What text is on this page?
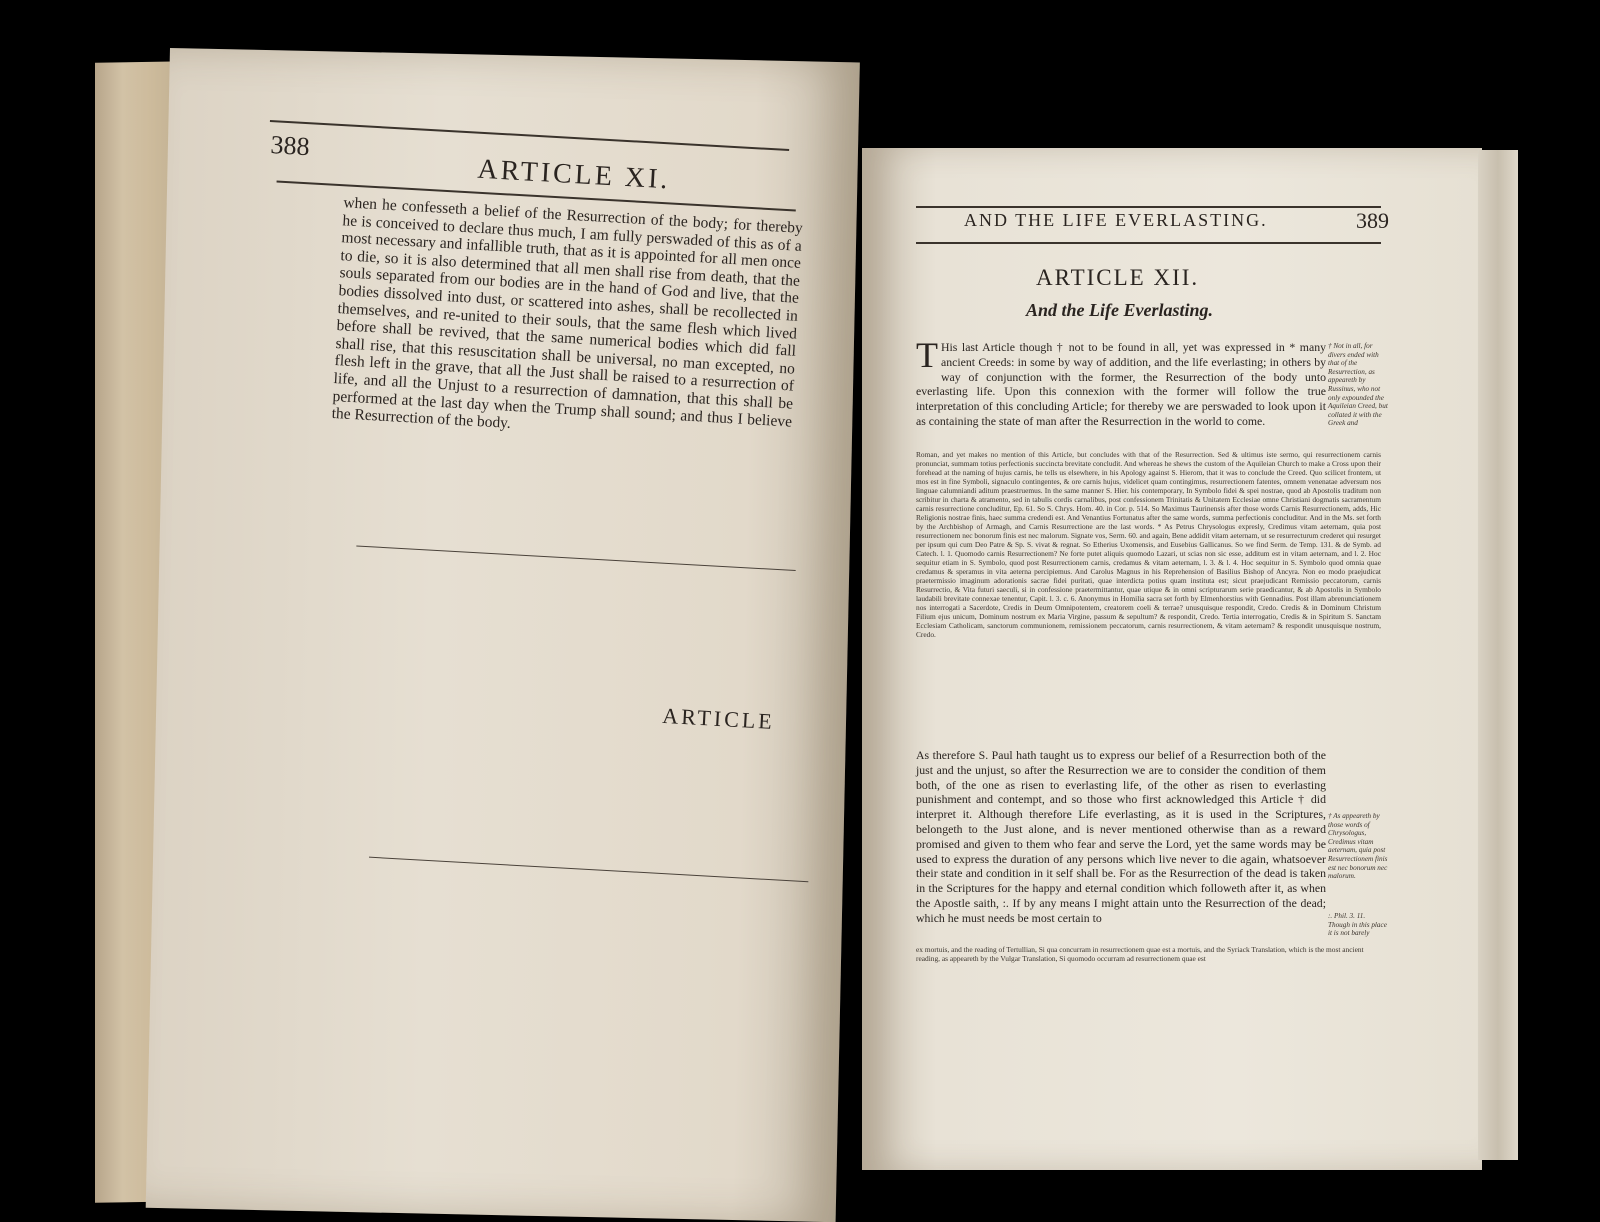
388
ARTICLE XI.
when he confesseth a belief of the Resurrection of the body; for thereby he is conceived to declare thus much, I am fully perswaded of this as of a most necessary and infallible truth, that as it is appointed for all men once to die, so it is also determined that all men shall rise from death, that the souls separated from our bodies are in the hand of God and live, that the bodies dissolved into dust, or scattered into ashes, shall be recollected in themselves, and re-united to their souls, that the same flesh which lived before shall be revived, that the same numerical bodies which did fall shall rise, that this resuscitation shall be universal, no man excepted, no flesh left in the grave, that all the Just shall be raised to a resurrection of life, and all the Unjust to a resurrection of damnation, that this shall be performed at the last day when the Trump shall sound; and thus I believe the Resurrection of the body.
ARTICLE
AND THE LIFE EVERLASTING.	389
ARTICLE XII.
And the Life Everlasting.
T His last Article though † not to be found in all, yet was expressed in * many ancient Creeds: in some by way of addition, and the life everlasting; in others by way of conjunction with the former, the Resurrection of the body unto everlasting life. Upon this connexion with the former will follow the true interpretation of this concluding Article; for thereby we are perswaded to look upon it as containing the state of man after the Resurrection in the world to come.
† Not in all, for divers ended with that of the Resurrection, as appeareth by Russinus, who not only expounded the Aquileian Creed, but collated it with the Greek and
Roman, and yet makes no mention of this Article, but concludes with that of the Resurrection. Sed & ultimus iste sermo, qui resurrectionem carnis pronunciat, summam totius perfectionis succincta brevitate concludit. And whereas he shews the custom of the Aquileian Church to make a Cross upon their forehead at the naming of hujus carnis, he tells us elsewhere, in his Apology against S. Hierom, that it was to conclude the Creed. Quo scilicet frontem, ut mos est in fine Symboli, signaculo contingentes, & ore carnis hujus, videlicet quam contingimus, resurrectionem fatentes, omnem venenatae adversum nos linguae calumniandi aditum praestruemus. In the same manner S. Hier. his contemporary, In Symbolo fidei & spei nostrae, quod ab Apostolis traditum non scribitur in charta & atramento, sed in tabulis cordis carnalibus, post confessionem Trinitatis & Unitatem Ecclesiae omne Christiani dogmatis sacramentum carnis resurrectione concluditur, Ep. 61. So S. Chrys. Hom. 40. in Cor. p. 514. So Maximus Taurinensis after those words Carnis Resurrectionem, adds, Hic Religionis nostrae finis, haec summa credendi est. And Venantius Fortunatus after the same words, summa perfectionis concluditur. And in the Ms. set forth by the Archbishop of Armagh, and Carnis Resurrectione are the last words. * As Petrus Chrysologus expresly, Credimus vitam aeternam, quia post resurrectionem nec bonorum finis est nec malorum. Signate vos, Serm. 60. and again, Bene addidit vitam aeternam, ut se resurrecturum crederet qui resurget per ipsum qui cum Deo Patre & Sp. S. vivat & regnat. So Etherius Uxomensis, and Eusebius Gallicanus. So we find Serm. de Temp. 131. & de Symb. ad Catech. l. 1. Quomodo carnis Resurrectionem? Ne forte putet aliquis quomodo Lazari, ut scias non sic esse, additum est in vitam aeternam, and l. 2. Hoc sequitur etiam in S. Symbolo, quod post Resurrectionem carnis, credamus & vitam aeternam, l. 3. & l. 4. Hoc sequitur in S. Symbolo quod omnia quae credamus & speramus in vita aeterna percipiemus. And Carolus Magnus in his Reprehension of Basilius Bishop of Ancyra. Non eo modo praejudicat praetermissio imaginum adorationis sacrae fidei puritati, quae interdicta potius quam instituta est; sicut praejudicant Remissio peccatorum, carnis Resurrectio, & Vita futuri saeculi, si in confessione praetermittantur, quae utique & in omni scripturarum serie praedicantur, & ab Apostolis in Symbolo laudabili brevitate connexae tenentur, Capit. l. 3. c. 6. Anonymus in Homilia sacra set forth by Elmenhorstius with Gennadius. Post illam abrenunciationem nos interrogati a Sacerdote, Credis in Deum Omnipotentem, creatorem coeli & terrae? unusquisque respondit, Credo. Credis & in Dominum Christum Filium ejus unicum, Dominum nostrum ex Maria Virgine, passum & sepultum? & respondit, Credo. Tertia interrogatio, Credis & in Spiritum S. Sanctam Ecclesiam Catholicam, sanctorum communionem, remissionem peccatorum, carnis resurrectionem, & vitam aeternam? & respondit unusquisque nostrum, Credo.
As therefore S. Paul hath taught us to express our belief of a Resurrection both of the just and the unjust, so after the Resurrection we are to consider the condition of them both, of the one as risen to everlasting life, of the other as risen to everlasting punishment and contempt, and so those who first acknowledged this Article † did interpret it. Although therefore Life everlasting, as it is used in the Scriptures, belongeth to the Just alone, and is never mentioned otherwise than as a reward promised and given to them who fear and serve the Lord, yet the same words may be used to express the duration of any persons which live never to die again, whatsoever their state and condition in it self shall be. For as the Resurrection of the dead is taken in the Scriptures for the happy and eternal condition which followeth after it, as when the Apostle saith, :. If by any means I might attain unto the Resurrection of the dead; which he must needs be most certain to
† As appeareth by those words of Chrysologus, Credimus vitam aeternam, quia post Resurrectionem finis est nec bonorum nec malorum.
:. Phil. 3. 11. Though in this place it is not barely
ex mortuis, and the reading of Tertullian, Si qua concurram in resurrectionem quae est a mortuis, and the Syriack Translation, which is the most ancient reading, as appeareth by the Vulgar Translation, Si quomodo occurram ad resurrectionem quae est
